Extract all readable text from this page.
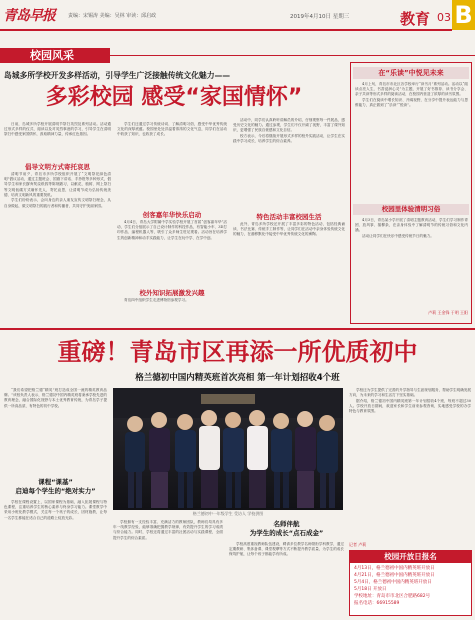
青岛早报	责编：宋锡涛 美编：吴林 审读：邱启政	2019年4月10日 星期三	教育 03 B
校园风采
岛城多所学校开发多样活动，引导学生广泛接触传统文化魅力——
多彩校园 感受“家国情怀”

日前，岛城多所学校开展清明节祭扫英烈及系列活动。活动通过形式多样的仪式、阅读以及对英烈事迹的学习，引导学生在清明祭扫中感受家国情怀，汲取精神力量，传承红色基因。

倡导文明方式寄托哀思

清明节前夕，青岛市多所学校组织开展了“文明祭祀绿色清明”倡议活动，通过主题班会、国旗下讲话、手抄报等多种形式，倡导学生和家长摒弃焚烧纸钱等陈规陋习，以献花、植树、网上祭扫等文明低碳方式缅怀先人，寄托哀思，让清明节成为弘扬传统美德、培育文明新风的重要契机。

学生们纷纷表示，会向身边的亲人朋友宣传文明祭扫理念，从自身做起，做文明祭扫的践行者和传播者，共同守护美丽家园。

学生们还通过学习传统诗词、了解清明习俗，感受中华优秀传统文化的深厚底蕴。校园里处处洋溢着浓浓的文化气息，同学们在活动中收获了知识，也收获了成长。

创客嘉年华快乐启动

4月4日，青岛大学附属中学实验学校开展了首届“创客嘉年华”活动，学生们分组展示了自己设计制作的科技作品，有智能小车、3D打印作品、编程机器人等，吸引了众多师生驻足观看。活动旨在培养学生的创新精神和动手实践能力，让学生在玩中学、在学中创。

校外知识拓展激发兴趣

青岛四中组织学生走进博物馆参观学习。

活动中，同学们认真聆听讲解员的介绍，仔细观察每一件展品，感受历史文化的魅力。通过参观，学生们不仅开阔了视野，丰富了课外知识，更增强了民族自豪感和文化自信。

校方表示，今后将继续开展形式多样的校外实践活动，让学生在实践中学习成长，培养学生的综合素养。

特色活动丰富校园生活

此外，青岛多所学校还开展了丰富多彩的特色活动，包括经典诵读、书法比赛、传统手工制作等，让同学们在活动中亲身体验传统文化的魅力，在潜移默化中接受中华优秀传统文化的熏陶。

在“乐读”中悦见未来

4月上旬，青岛市市北区各学校举行“读书月”系列活动。活动以“阅读点亮人生，书香浸润心灵”为主题，开展了好书推荐、读书分享会、亲子共读等形式多样的阅读活动，在校园内营造了浓厚的读书氛围。

学生们在阅读中增长知识、开阔视野，在分享中提升表达能力与思维能力，真正做到了“乐读”“悦读”。

校园里体验清明习俗

4月3日，青岛某小学开展了清明主题教育活动，学生们学习制作青团、放风筝、插柳条，在亲身体验中了解清明节的传统习俗和文化内涵。

活动让同学们在快乐中感受传统节日的魅力。

卢莉 王金锋 于明 王阳
重磅！青岛市区再添一所优质初中
格兰德初中国内精英班首次亮相 第一年计划招收4个班

“我们希望把格兰德“精英”班打造成全国一流的精英教育品牌。”该校负责人表示，格兰德初中国内精英班将秉承学校先进的教育理念，融合国际化视野与本土优秀教育传统，为青岛学子提供一所高品质、有特色的初中学校。

课程“课基”
启迪每个学生的“绝对实力”

学校在课程设置上，以国家课程为基础，融入拓展课程与特色课程，注重培养学生的核心素养与终身学习能力。课堂教学中采用小班化教学模式，关注每一个孩子的成长，因材施教，让每一名学生都能在适合自己的道路上绽放光彩。

格兰德初中一年级学生 受访人 学校供图

学校拥有一支经验丰富、充满活力的教师团队，教师们均具有多年一线教学经验，能够准确把握教学规律，有效提升学生的学习成绩与综合能力。同时，学校还将通过丰富的社团活动与实践课程，全面提升学生的综合素质。

名师伴航
为学生的成长“点石成金”

学校高度重视教师队伍建设，聘请多位教学名师领衔学科教学，通过定期教研、集体备课、课堂观摩等方式不断提升教学质量，为学生的成长保驾护航，让每个孩子都能学有所成。

学校还为学生提供了完善的升学指导与生涯规划服务，帮助学生明确发展方向，为未来的学习和生活打下坚实基础。

据介绍，格兰德初中国内精英班第一年计划招收4个班，每班不超过30人。学校开放日期间，欢迎家长和学生前来参观咨询，实地感受学校的办学特色与教育氛围。

记者 卢莉
校园开放日报名
4月13日，格兰德初中国内精英班开放日
4月21日，格兰德初中国内精英班开放日
5月4日，格兰德初中国内精英班开放日
5月18日 开放日
学校地址：青岛市市北区合肥路682号
报名电话：66915589
